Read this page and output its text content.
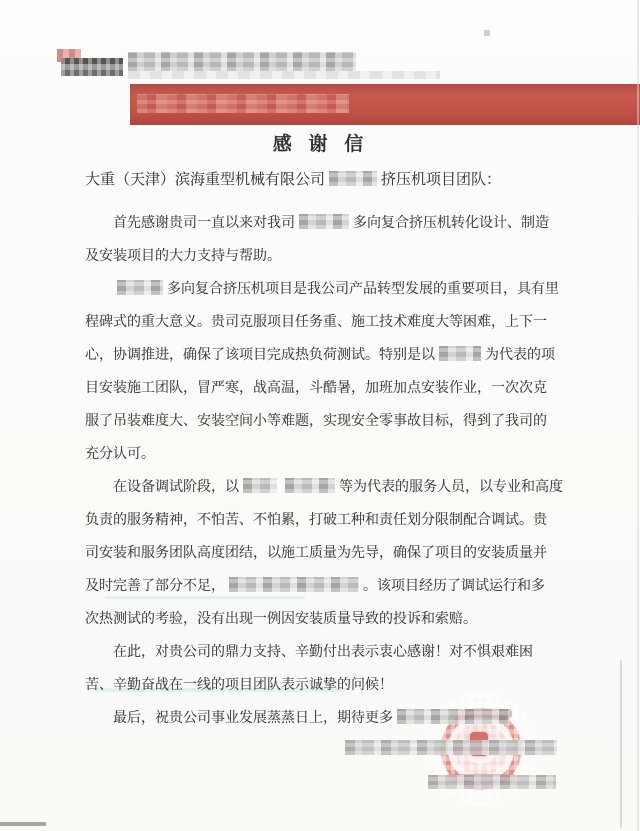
感 谢 信
大重（天津）滨海重型机械有限公司	挤压机项目团队：
首先感谢贵司一直以来对我司	多向复合挤压机转化设计、制造
及安装项目的大力支持与帮助。
多向复合挤压机项目是我公司产品转型发展的重要项目，具有里
程碑式的重大意义。贵司克服项目任务重、施工技术难度大等困难，上下一
心，协调推进，确保了该项目完成热负荷测试。特别是以	为代表的项
目安装施工团队，冒严寒，战高温，斗酷暑，加班加点安装作业，一次次克
服了吊装难度大、安装空间小等难题，实现安全零事故目标，得到了我司的
充分认可。
在设备调试阶段，以	等为代表的服务人员，以专业和高度
负责的服务精神，不怕苦、不怕累，打破工种和责任划分限制配合调试。贵
司安装和服务团队高度团结，以施工质量为先导，确保了项目的安装质量并
及时完善了部分不足，	。该项目经历了调试运行和多
次热测试的考验，没有出现一例因安装质量导致的投诉和索赔。
在此，对贵公司的鼎力支持、辛勤付出表示衷心感谢！对不惧艰难困
苦、辛勤奋战在一线的项目团队表示诚挚的问候！
最后，祝贵公司事业发展蒸蒸日上，期待更多
